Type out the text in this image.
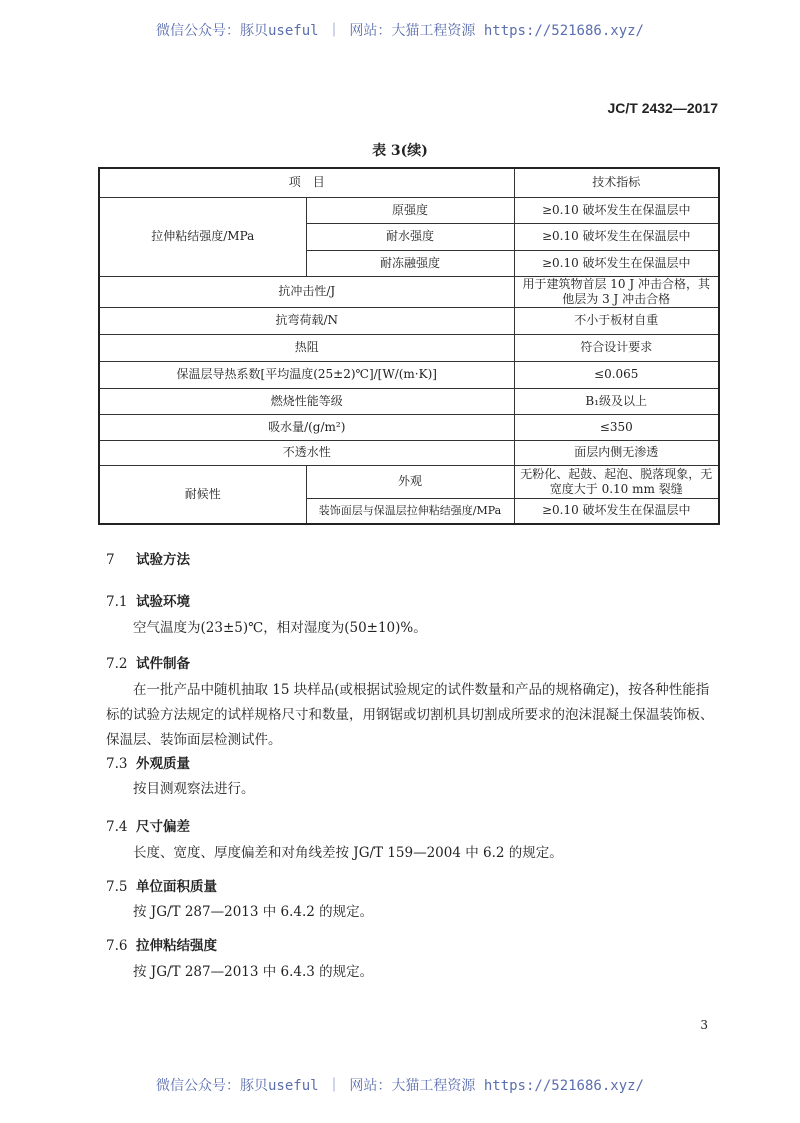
微信公众号：豚贝useful ｜ 网站：大猫工程资源 https://521686.xyz/
JC/T 2432—2017
表 3(续)
项　目		技术指标
拉伸粘结强度/MPa	原强度	≥0.10 破坏发生在保温层中
	耐水强度	≥0.10 破坏发生在保温层中
	耐冻融强度	≥0.10 破坏发生在保温层中
抗冲击性/J		用于建筑物首层 10 J 冲击合格，其他层为 3 J 冲击合格
抗弯荷载/N		不小于板材自重
热阻		符合设计要求
保温层导热系数[平均温度(25±2)℃]/[W/(m·K)]		≤0.065
燃烧性能等级		B₁级及以上
吸水量/(g/m²)		≤350
不透水性		面层内侧无渗透
耐候性	外观	无粉化、起鼓、起泡、脱落现象，无宽度大于 0.10 mm 裂缝
	装饰面层与保温层拉伸粘结强度/MPa	≥0.10 破坏发生在保温层中
7 试验方法
7.1 试验环境
空气温度为(23±5)℃，相对湿度为(50±10)%。
7.2 试件制备
在一批产品中随机抽取 15 块样品(或根据试验规定的试件数量和产品的规格确定)，按各种性能指标的试验方法规定的试样规格尺寸和数量，用钢锯或切割机具切割成所要求的泡沫混凝土保温装饰板、保温层、装饰面层检测试件。
7.3 外观质量
按目测观察法进行。
7.4 尺寸偏差
长度、宽度、厚度偏差和对角线差按 JG/T 159—2004 中 6.2 的规定。
7.5 单位面积质量
按 JG/T 287—2013 中 6.4.2 的规定。
7.6 拉伸粘结强度
按 JG/T 287—2013 中 6.4.3 的规定。
3
微信公众号：豚贝useful ｜ 网站：大猫工程资源 https://521686.xyz/
